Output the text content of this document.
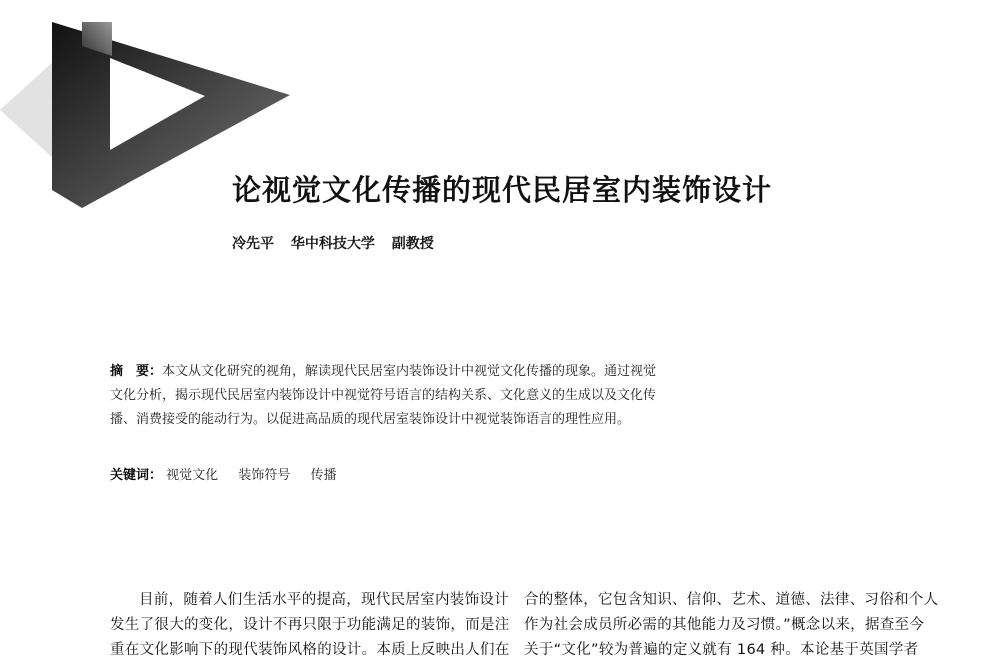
论视觉文化传播的现代民居室内装饰设计
冷先平 华中科技大学 副教授

摘　要：本文从文化研究的视角，解读现代民居室内装饰设计中视觉文化传播的现象。通过视觉文化分析，揭示现代民居室内装饰设计中视觉符号语言的结构关系、文化意义的生成以及文化传播、消费接受的能动行为。以促进高品质的现代居室装饰设计中视觉装饰语言的理性应用。

关键词： 视觉文化 装饰符号 传播

目前，随着人们生活水平的提高，现代民居室内装饰设计
发生了很大的变化，设计不再只限于功能满足的装饰，而是注
重在文化影响下的现代装饰风格的设计。本质上反映出人们在

合的整体，它包含知识、信仰、艺术、道德、法律、习俗和个人
作为社会成员所必需的其他能力及习惯。”概念以来，据查至今
关于“文化”较为普遍的定义就有 164 种。本论基于英国学者
